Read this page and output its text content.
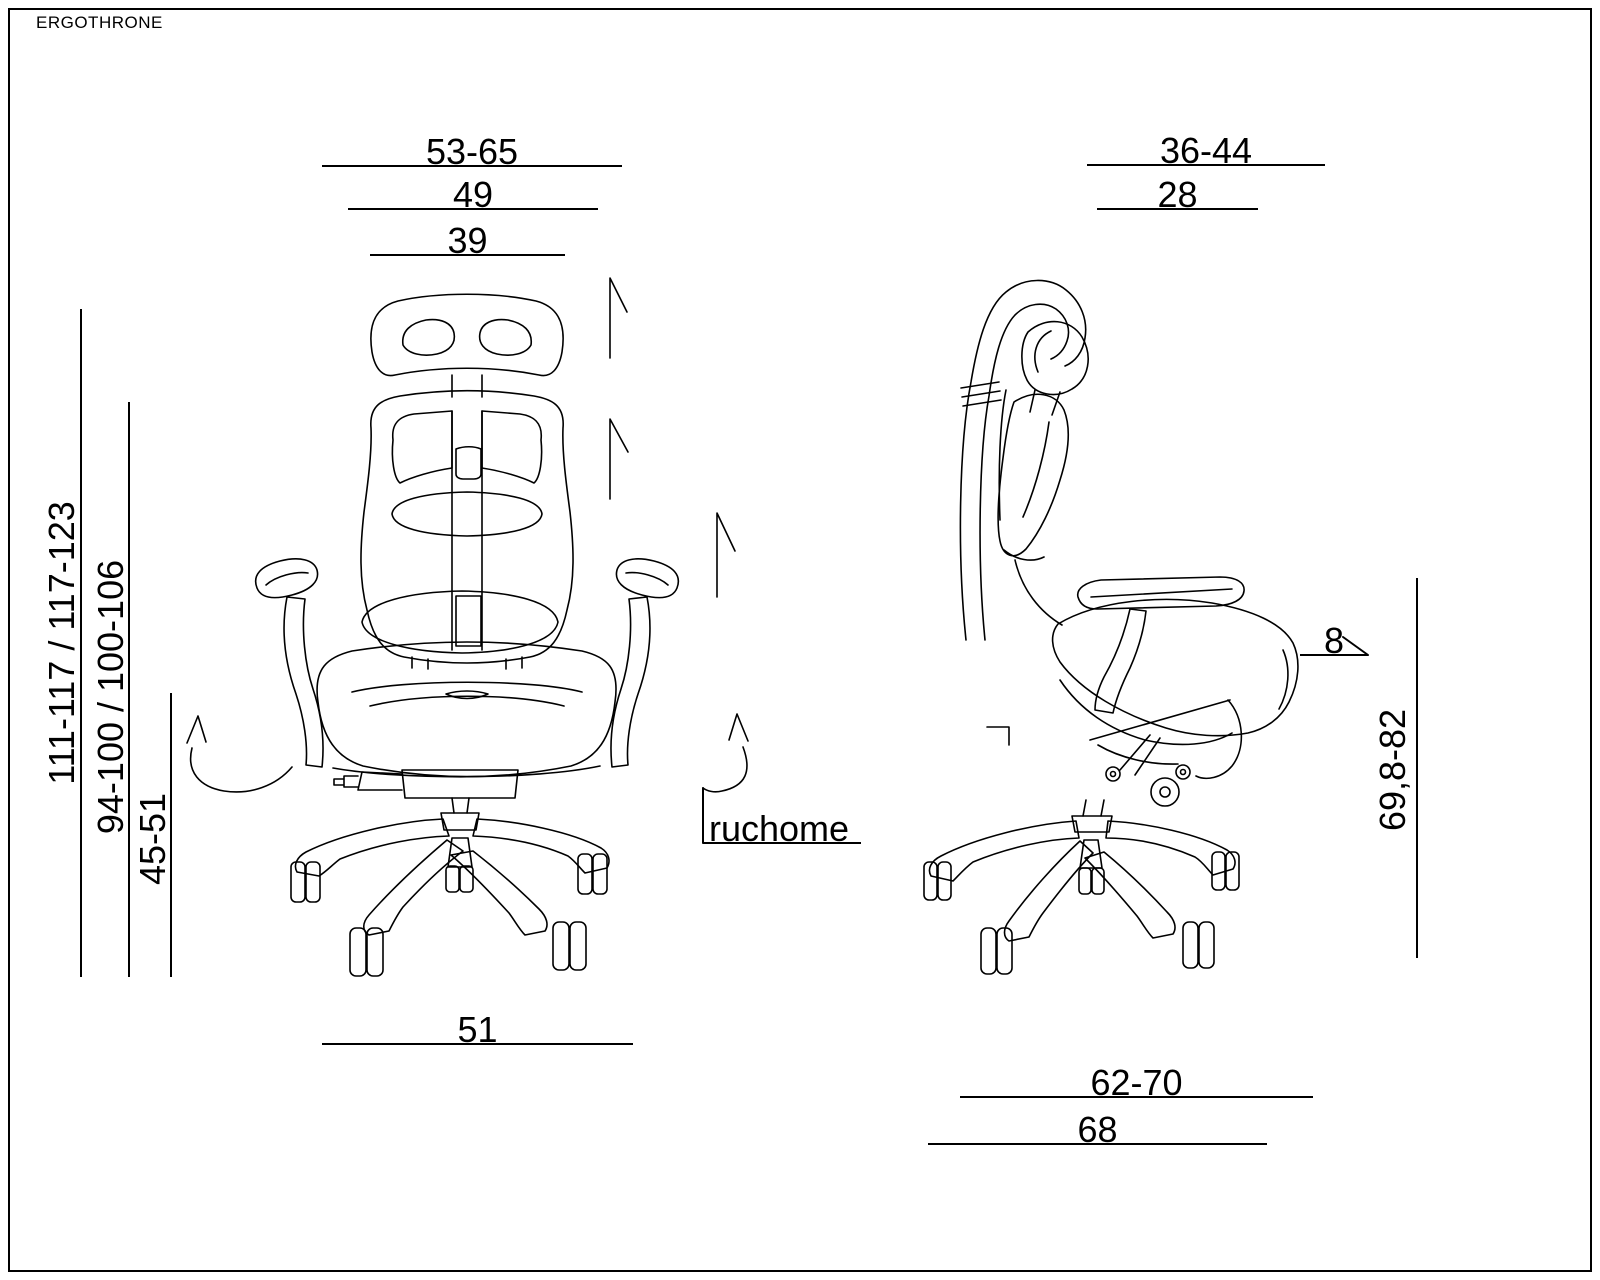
ERGOTHRONE
53-65
49
39
36-44
28
51
62-70
68
8
ruchome
111-117 / 117-123 94-100 / 100-106
45-51
69,8-82
